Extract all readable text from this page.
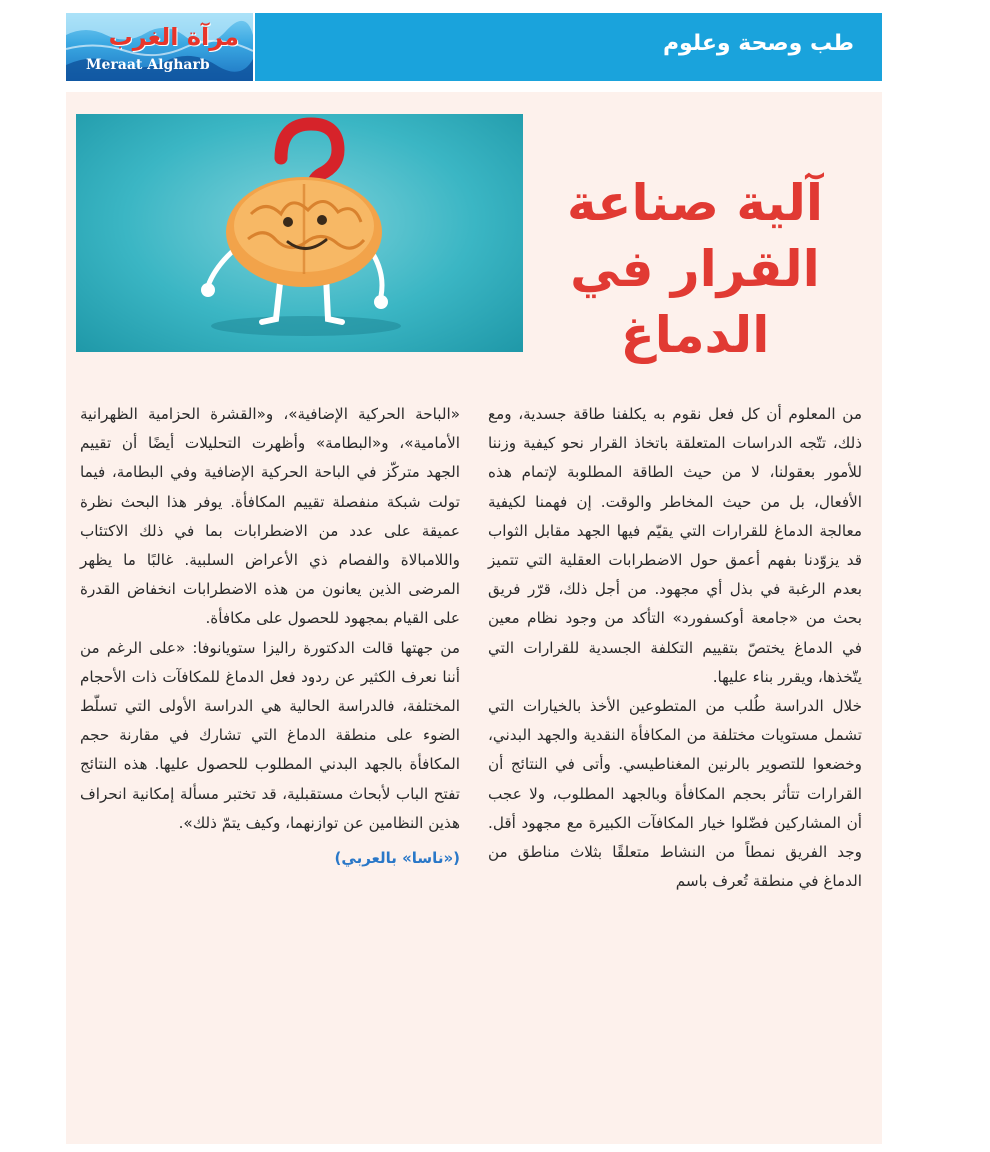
مرآة الغرب
Meraat Algharb
طب وصحة وعلوم
آلية صناعة
القرار في
الدماغ

من المعلوم أن كل فعل نقوم به يكلفنا طاقة جسدية، ومع ذلك، تتّجه الدراسات المتعلقة باتخاذ القرار نحو كيفية وزننا للأمور بعقولنا، لا من حيث الطاقة المطلوبة لإتمام هذه الأفعال، بل من حيث المخاطر والوقت. إن فهمنا لكيفية معالجة الدماغ للقرارات التي يقيّم فيها الجهد مقابل الثواب قد يزوّدنا بفهم أعمق حول الاضطرابات العقلية التي تتميز بعدم الرغبة في بذل أي مجهود. من أجل ذلك، قرّر فريق بحث من «جامعة أوكسفورد» التأكد من وجود نظام معين في الدماغ يختصّ بتقييم التكلفة الجسدية للقرارات التي يتّخذها، ويقرر بناء عليها.

خلال الدراسة طُلب من المتطوعين الأخذ بالخيارات التي تشمل مستويات مختلفة من المكافأة النقدية والجهد البدني، وخضعوا للتصوير بالرنين المغناطيسي. وأتى في النتائج أن القرارات تتأثر بحجم المكافأة وبالجهد المطلوب، ولا عجب أن المشاركين فضّلوا خيار المكافآت الكبيرة مع مجهود أقل. وجد الفريق نمطاً من النشاط متعلقًا بثلاث مناطق من الدماغ في منطقة تُعرف باسم

«الباحة الحركية الإضافية»، و«القشرة الحزامية الظهرانية الأمامية»، و«البطامة» وأظهرت التحليلات أيضًا أن تقييم الجهد متركّز في الباحة الحركية الإضافية وفي البطامة، فيما تولت شبكة منفصلة تقييم المكافأة. يوفر هذا البحث نظرة عميقة على عدد من الاضطرابات بما في ذلك الاكتئاب واللامبالاة والفصام ذي الأعراض السلبية. غالبًا ما يظهر المرضى الذين يعانون من هذه الاضطرابات انخفاض القدرة على القيام بمجهود للحصول على مكافأة.

من جهتها قالت الدكتورة راليزا ستويانوفا: «على الرغم من أننا نعرف الكثير عن ردود فعل الدماغ للمكافآت ذات الأحجام المختلفة، فالدراسة الحالية هي الدراسة الأولى التي تسلّط الضوء على منطقة الدماغ التي تشارك في مقارنة حجم المكافأة بالجهد البدني المطلوب للحصول عليها. هذه النتائج تفتح الباب لأبحاث مستقبلية، قد تختبر مسألة إمكانية انحراف هذين النظامين عن توازنهما، وكيف يتمّ ذلك».

(«ناسا» بالعربي)
